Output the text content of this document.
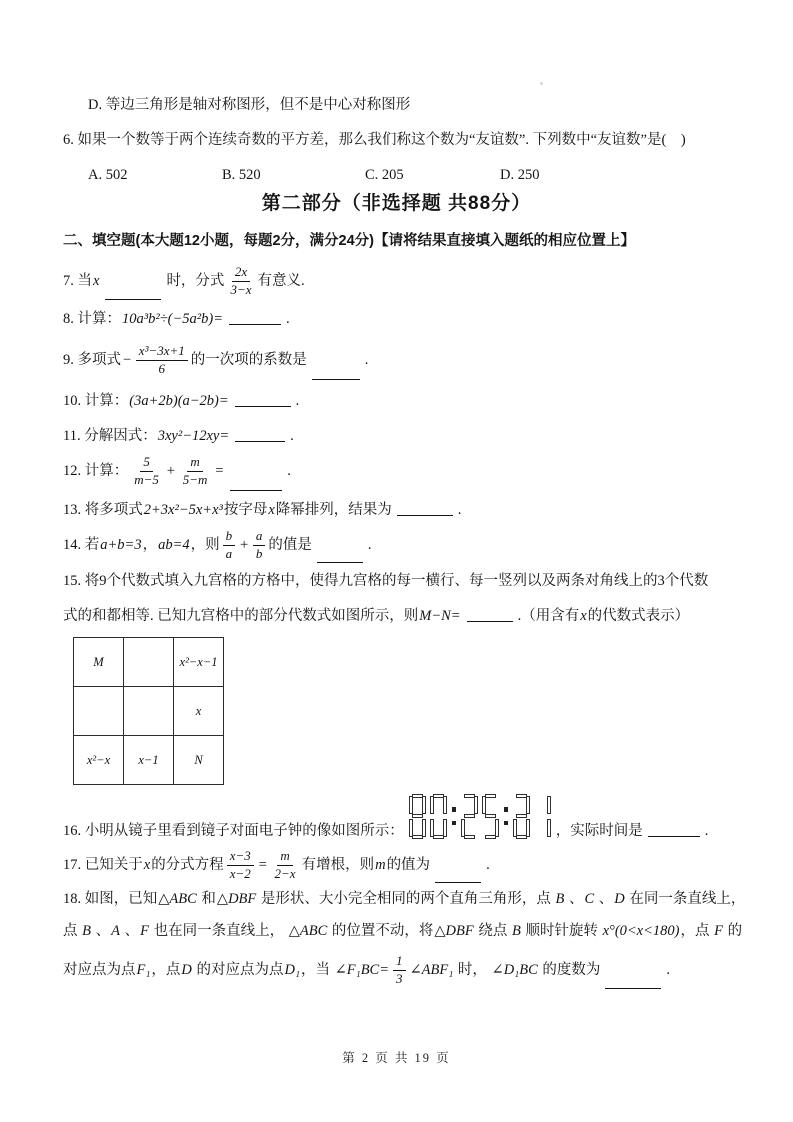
D. 等边三角形是轴对称图形，但不是中心对称图形
6. 如果一个数等于两个连续奇数的平方差，那么我们称这个数为“友谊数”. 下列数中“友谊数”是(    )
A. 502	B. 520	C. 205	D. 250
第二部分（非选择题 共88分）
二、填空题(本大题12小题，每题2分，满分24分)【请将结果直接填入题纸的相应位置上】
7. 当 x	时，分式 $\frac{2x}{3-x}$ 有意义.
8. 计算： 10a³b²÷(−5a²b)=	.
9. 多项式 − $\frac{\text{x³−3x+1}}{6}$ 的一次项的系数是	.
10. 计算： (3a+2b)(a−2b)=	.
11. 分解因式： 3xy²−12xy=	.
12. 计算： $\frac{5}{m-5} + \frac{m}{5-m}$ =	.
13. 将多项式 2+3x²−5x+x³ 按字母 x 降幂排列，结果为	.
14. 若 a+b=3 ， ab=4 ，则 $\frac{b}{a} + \frac{a}{b}$ 的值是	.
15. 将9个代数式填入九宫格的方格中，使得九宫格的每一横行、每一竖列以及两条对角线上的3个代数
式的和都相等. 已知九宫格中的部分代数式如图所示，则 M−N=	.（用含有 x 的代数式表示）
M		x²−x−1
		x
x²−x	x−1	N
16. 小明从镜子里看到镜子对面电子钟的像如图所示：	，实际时间是	.
17. 已知关于 x 的分式方程 $\frac{x-3}{x-2} = \frac{m}{2-x}$ 有增根，则 m 的值为	.
18. 如图，已知 △ABC 和 △DBF 是形状、大小完全相同的两个直角三角形，点 B 、 C 、 D 在同一条直线上，
点 B 、 A 、 F 也在同一条直线上， △ABC 的位置不动，将 △DBF 绕点 B 顺时针旋转 x°(0<x<180) ，点 F 的
对应点为点 F₁ ，点 D 的对应点为点 D₁ ，当 ∠F₁BC= $\frac{1}{3}$ ∠ABF₁ 时， ∠D₁BC 的度数为	.
第 2 页 共 19 页
